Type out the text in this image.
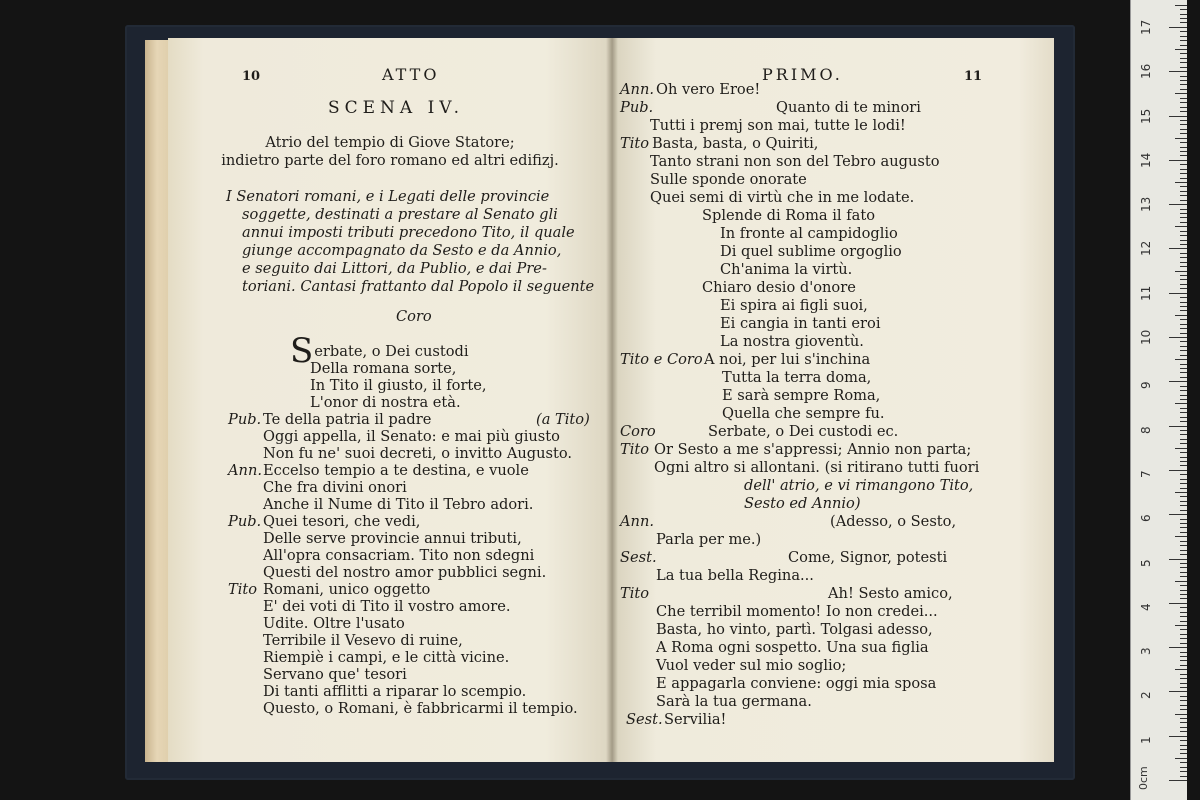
10	ATTO
SCENA IV.
Atrio del tempio di Giove Statore;
indietro parte del foro romano ed altri edifizj.
I Senatori romani, e i Legati delle provincie
soggette, destinati a prestare al Senato gli
annui imposti tributi precedono Tito, il quale
giunge accompagnato da Sesto e da Annio,
e seguito dai Littori, da Publio, e dai Pre-
toriani. Cantasi frattanto dal Popolo il seguente
Coro
Serbate, o Dei custodi
Della romana sorte,
In Tito il giusto, il forte,
L'onor di nostra età.
Pub. Te della patria il padre	(a Tito)
Oggi appella, il Senato: e mai più giusto
Non fu ne' suoi decreti, o invitto Augusto.
Ann. Eccelso tempio a te destina, e vuole
Che fra divini onori
Anche il Nume di Tito il Tebro adori.
Pub. Quei tesori, che vedi,
Delle serve provincie annui tributi,
All'opra consacriam. Tito non sdegni
Questi del nostro amor pubblici segni.
Tito Romani, unico oggetto
E' dei voti di Tito il vostro amore.
Udite. Oltre l'usato
Terribile il Vesevo di ruine,
Riempiè i campi, e le città vicine.
Servano que' tesori
Di tanti afflitti a riparar lo scempio.
Questo, o Romani, è fabbricarmi il tempio.
PRIMO.	11
Ann. Oh vero Eroe!
Pub.	Quanto di te minori
Tutti i premj son mai, tutte le lodi!
Tito Basta, basta, o Quiriti,
Tanto strani non son del Tebro augusto
Sulle sponde onorate
Quei semi di virtù che in me lodate.
Splende di Roma il fato
In fronte al campidoglio
Di quel sublime orgoglio
Ch'anima la virtù.
Chiaro desio d'onore
Ei spira ai figli suoi,
Ei cangia in tanti eroi
La nostra gioventù.
Tito e Coro A noi, per lui s'inchina
Tutta la terra doma,
E sarà sempre Roma,
Quella che sempre fu.
Coro	Serbate, o Dei custodi ec.
Tito Or Sesto a me s'appressi; Annio non parta;
Ogni altro si allontani. (si ritirano tutti fuori
dell' atrio, e vi rimangono Tito,
Sesto ed Annio)
Ann.	(Adesso, o Sesto,
Parla per me.)
Sest.	Come, Signor, potesti
La tua bella Regina...
Tito	Ah! Sesto amico,
Che terribil momento! Io non credei...
Basta, ho vinto, partì. Tolgasi adesso,
A Roma ogni sospetto. Una sua figlia
Vuol veder sul mio soglio;
E appagarla conviene: oggi mia sposa
Sarà la tua germana.
Sest. Servilia!
0cm
1
2
3
4
5
6
7
8
9
10
11
12
13
14
15
16
17
